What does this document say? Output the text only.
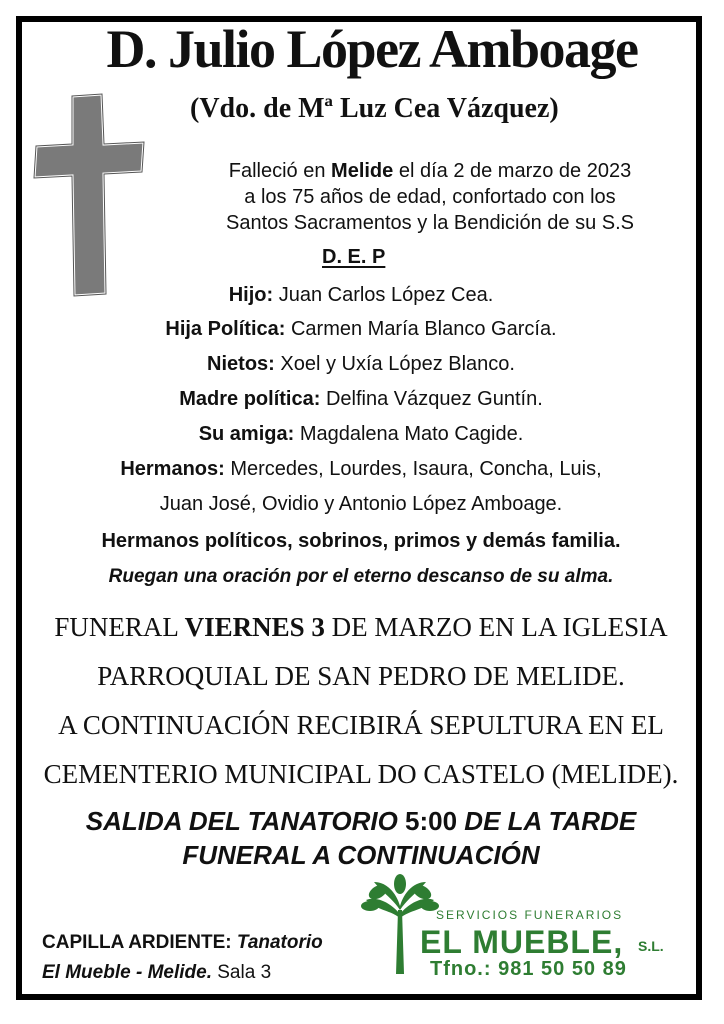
D. Julio López Amboage
(Vdo. de Mª Luz Cea Vázquez)
Falleció en Melide el día 2 de marzo de 2023
a los 75 años de edad, confortado con los
Santos Sacramentos y la Bendición de su S.S
D. E. P
Hijo: Juan Carlos López Cea.
Hija Política: Carmen María Blanco García.
Nietos: Xoel y Uxía López Blanco.
Madre política: Delfina Vázquez Guntín.
Su amiga: Magdalena Mato Cagide.
Hermanos: Mercedes, Lourdes, Isaura, Concha, Luis,
Juan José, Ovidio y Antonio López Amboage.
Hermanos políticos, sobrinos, primos y demás familia.
Ruegan una oración por el eterno descanso de su alma.
FUNERAL VIERNES 3 DE MARZO EN LA IGLESIA
PARROQUIAL DE SAN PEDRO DE MELIDE.
A CONTINUACIÓN RECIBIRÁ SEPULTURA EN EL
CEMENTERIO MUNICIPAL DO CASTELO (MELIDE).
SALIDA DEL TANATORIO 5:00 DE LA TARDE
FUNERAL A CONTINUACIÓN
CAPILLA ARDIENTE: Tanatorio
El Mueble - Melide. Sala 3
SERVICIOS FUNERARIOS
EL MUEBLE, S.L.
Tfno.: 981 50 50 89
